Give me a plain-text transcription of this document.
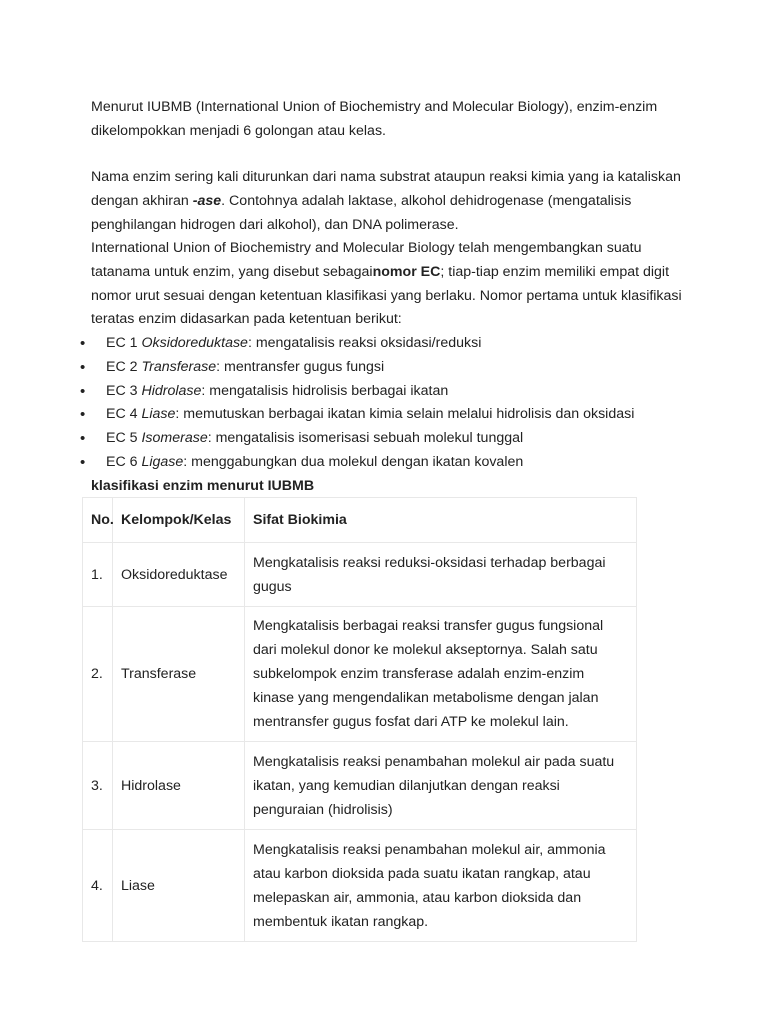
Menurut IUBMB (International Union of Biochemistry and Molecular Biology), enzim-enzim dikelompokkan menjadi 6 golongan atau kelas.
Nama enzim sering kali diturunkan dari nama substrat ataupun reaksi kimia yang ia kataliskan dengan akhiran -ase. Contohnya adalah laktase, alkohol dehidrogenase (mengatalisis penghilangan hidrogen dari alkohol), dan DNA polimerase.
International Union of Biochemistry and Molecular Biology telah mengembangkan suatu tatanama untuk enzim, yang disebut sebagainomor EC; tiap-tiap enzim memiliki empat digit nomor urut sesuai dengan ketentuan klasifikasi yang berlaku. Nomor pertama untuk klasifikasi teratas enzim didasarkan pada ketentuan berikut:
• EC 1 Oksidoreduktase: mengatalisis reaksi oksidasi/reduksi
• EC 2 Transferase: mentransfer gugus fungsi
• EC 3 Hidrolase: mengatalisis hidrolisis berbagai ikatan
• EC 4 Liase: memutuskan berbagai ikatan kimia selain melalui hidrolisis dan oksidasi
• EC 5 Isomerase: mengatalisis isomerisasi sebuah molekul tunggal
• EC 6 Ligase: menggabungkan dua molekul dengan ikatan kovalen
klasifikasi enzim menurut IUBMB
No.	Kelompok/Kelas	Sifat Biokimia
1.	Oksidoreduktase	Mengkatalisis reaksi reduksi-oksidasi terhadap berbagai gugus
2.	Transferase	Mengkatalisis berbagai reaksi transfer gugus fungsional dari molekul donor ke molekul akseptornya. Salah satu subkelompok enzim transferase adalah enzim-enzim kinase yang mengendalikan metabolisme dengan jalan mentransfer gugus fosfat dari ATP ke molekul lain.
3.	Hidrolase	Mengkatalisis reaksi penambahan molekul air pada suatu ikatan, yang kemudian dilanjutkan dengan reaksi penguraian (hidrolisis)
4.	Liase	Mengkatalisis reaksi penambahan molekul air, ammonia atau karbon dioksida pada suatu ikatan rangkap, atau melepaskan air, ammonia, atau karbon dioksida dan membentuk ikatan rangkap.
